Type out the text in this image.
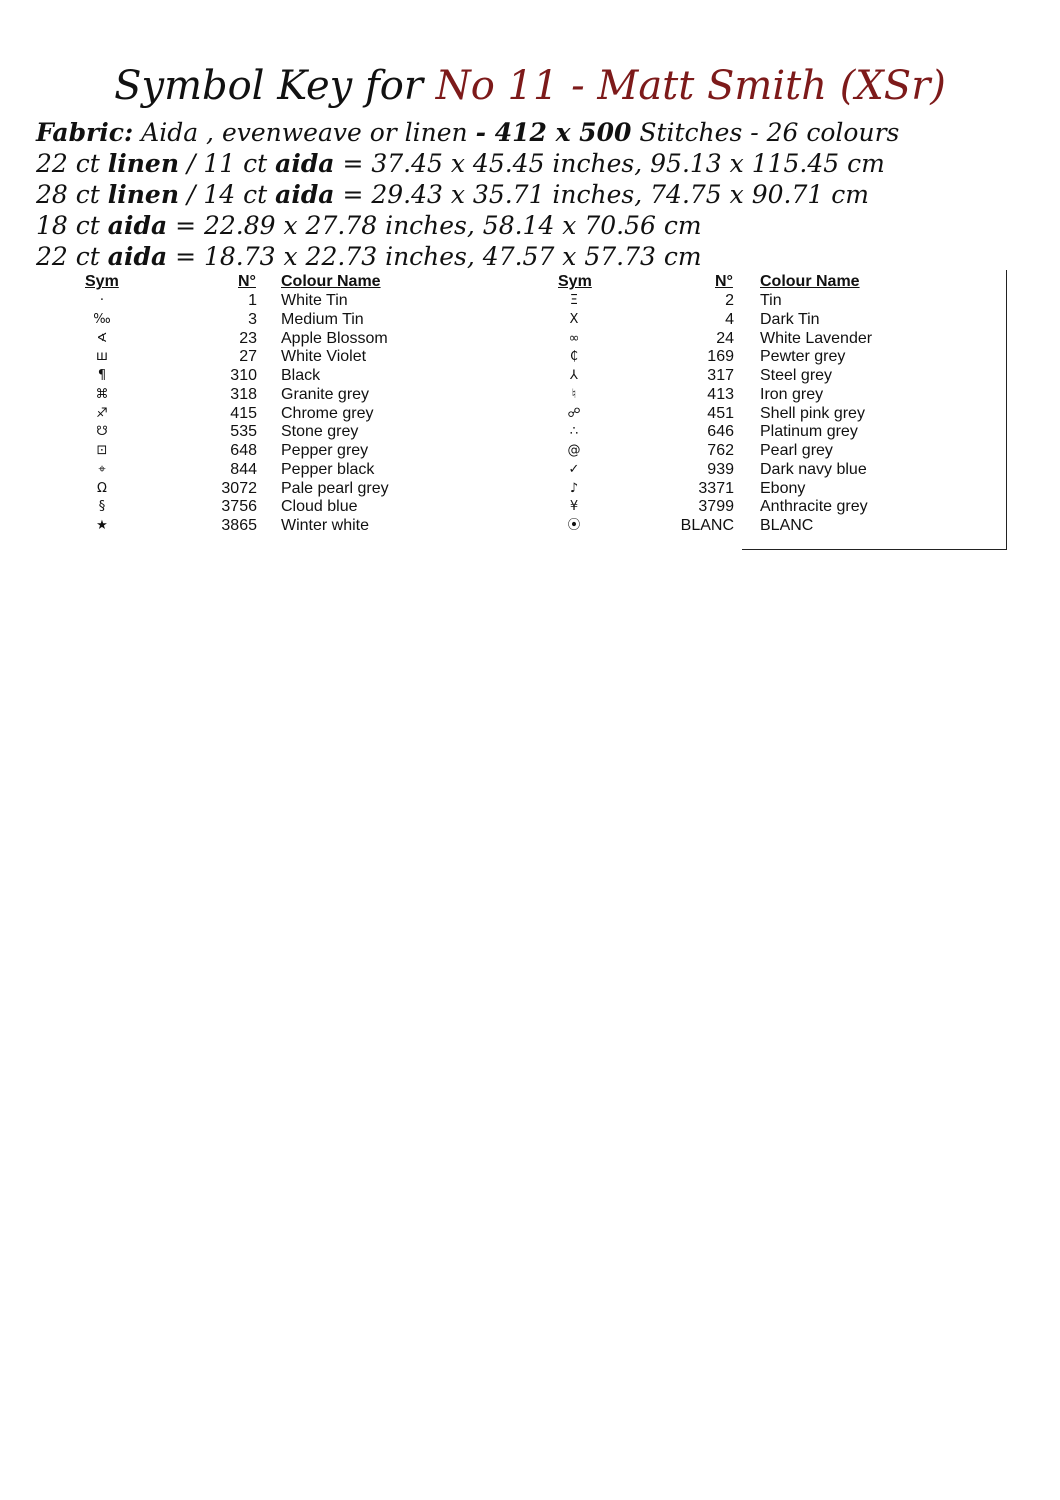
Symbol Key for No 11 - Matt Smith (XSr)
Fabric: Aida , evenweave or linen - 412 x 500 Stitches - 26 colours
22 ct linen / 11 ct aida = 37.45 x 45.45 inches, 95.13 x 115.45 cm
28 ct linen / 14 ct aida = 29.43 x 35.71 inches, 74.75 x 90.71 cm
18 ct aida = 22.89 x 27.78 inches, 58.14 x 70.56 cm
22 ct aida = 18.73 x 22.73 inches, 47.57 x 57.73 cm
Sym	N° Colour Name
·	1 White Tin
‰	3 Medium Tin
∢	23 Apple Blossom
ш	27 White Violet
¶	310 Black
⌘	318 Granite grey
♐	415 Chrome grey
☋	535 Stone grey
⊡	648 Pepper grey
⌖	844 Pepper black
Ω	3072 Pale pearl grey
§	3756 Cloud blue
★	3865 Winter white
Sym	N° Colour Name
Ξ	2 Tin
Ⅹ	4 Dark Tin
∞	24 White Lavender
₵	169 Pewter grey
⅄	317 Steel grey
♮	413 Iron grey
☍	451 Shell pink grey
∴	646 Platinum grey
@	762 Pearl grey
✓	939 Dark navy blue
♪	3371 Ebony
¥	3799 Anthracite grey
⦿	BLANC BLANC
